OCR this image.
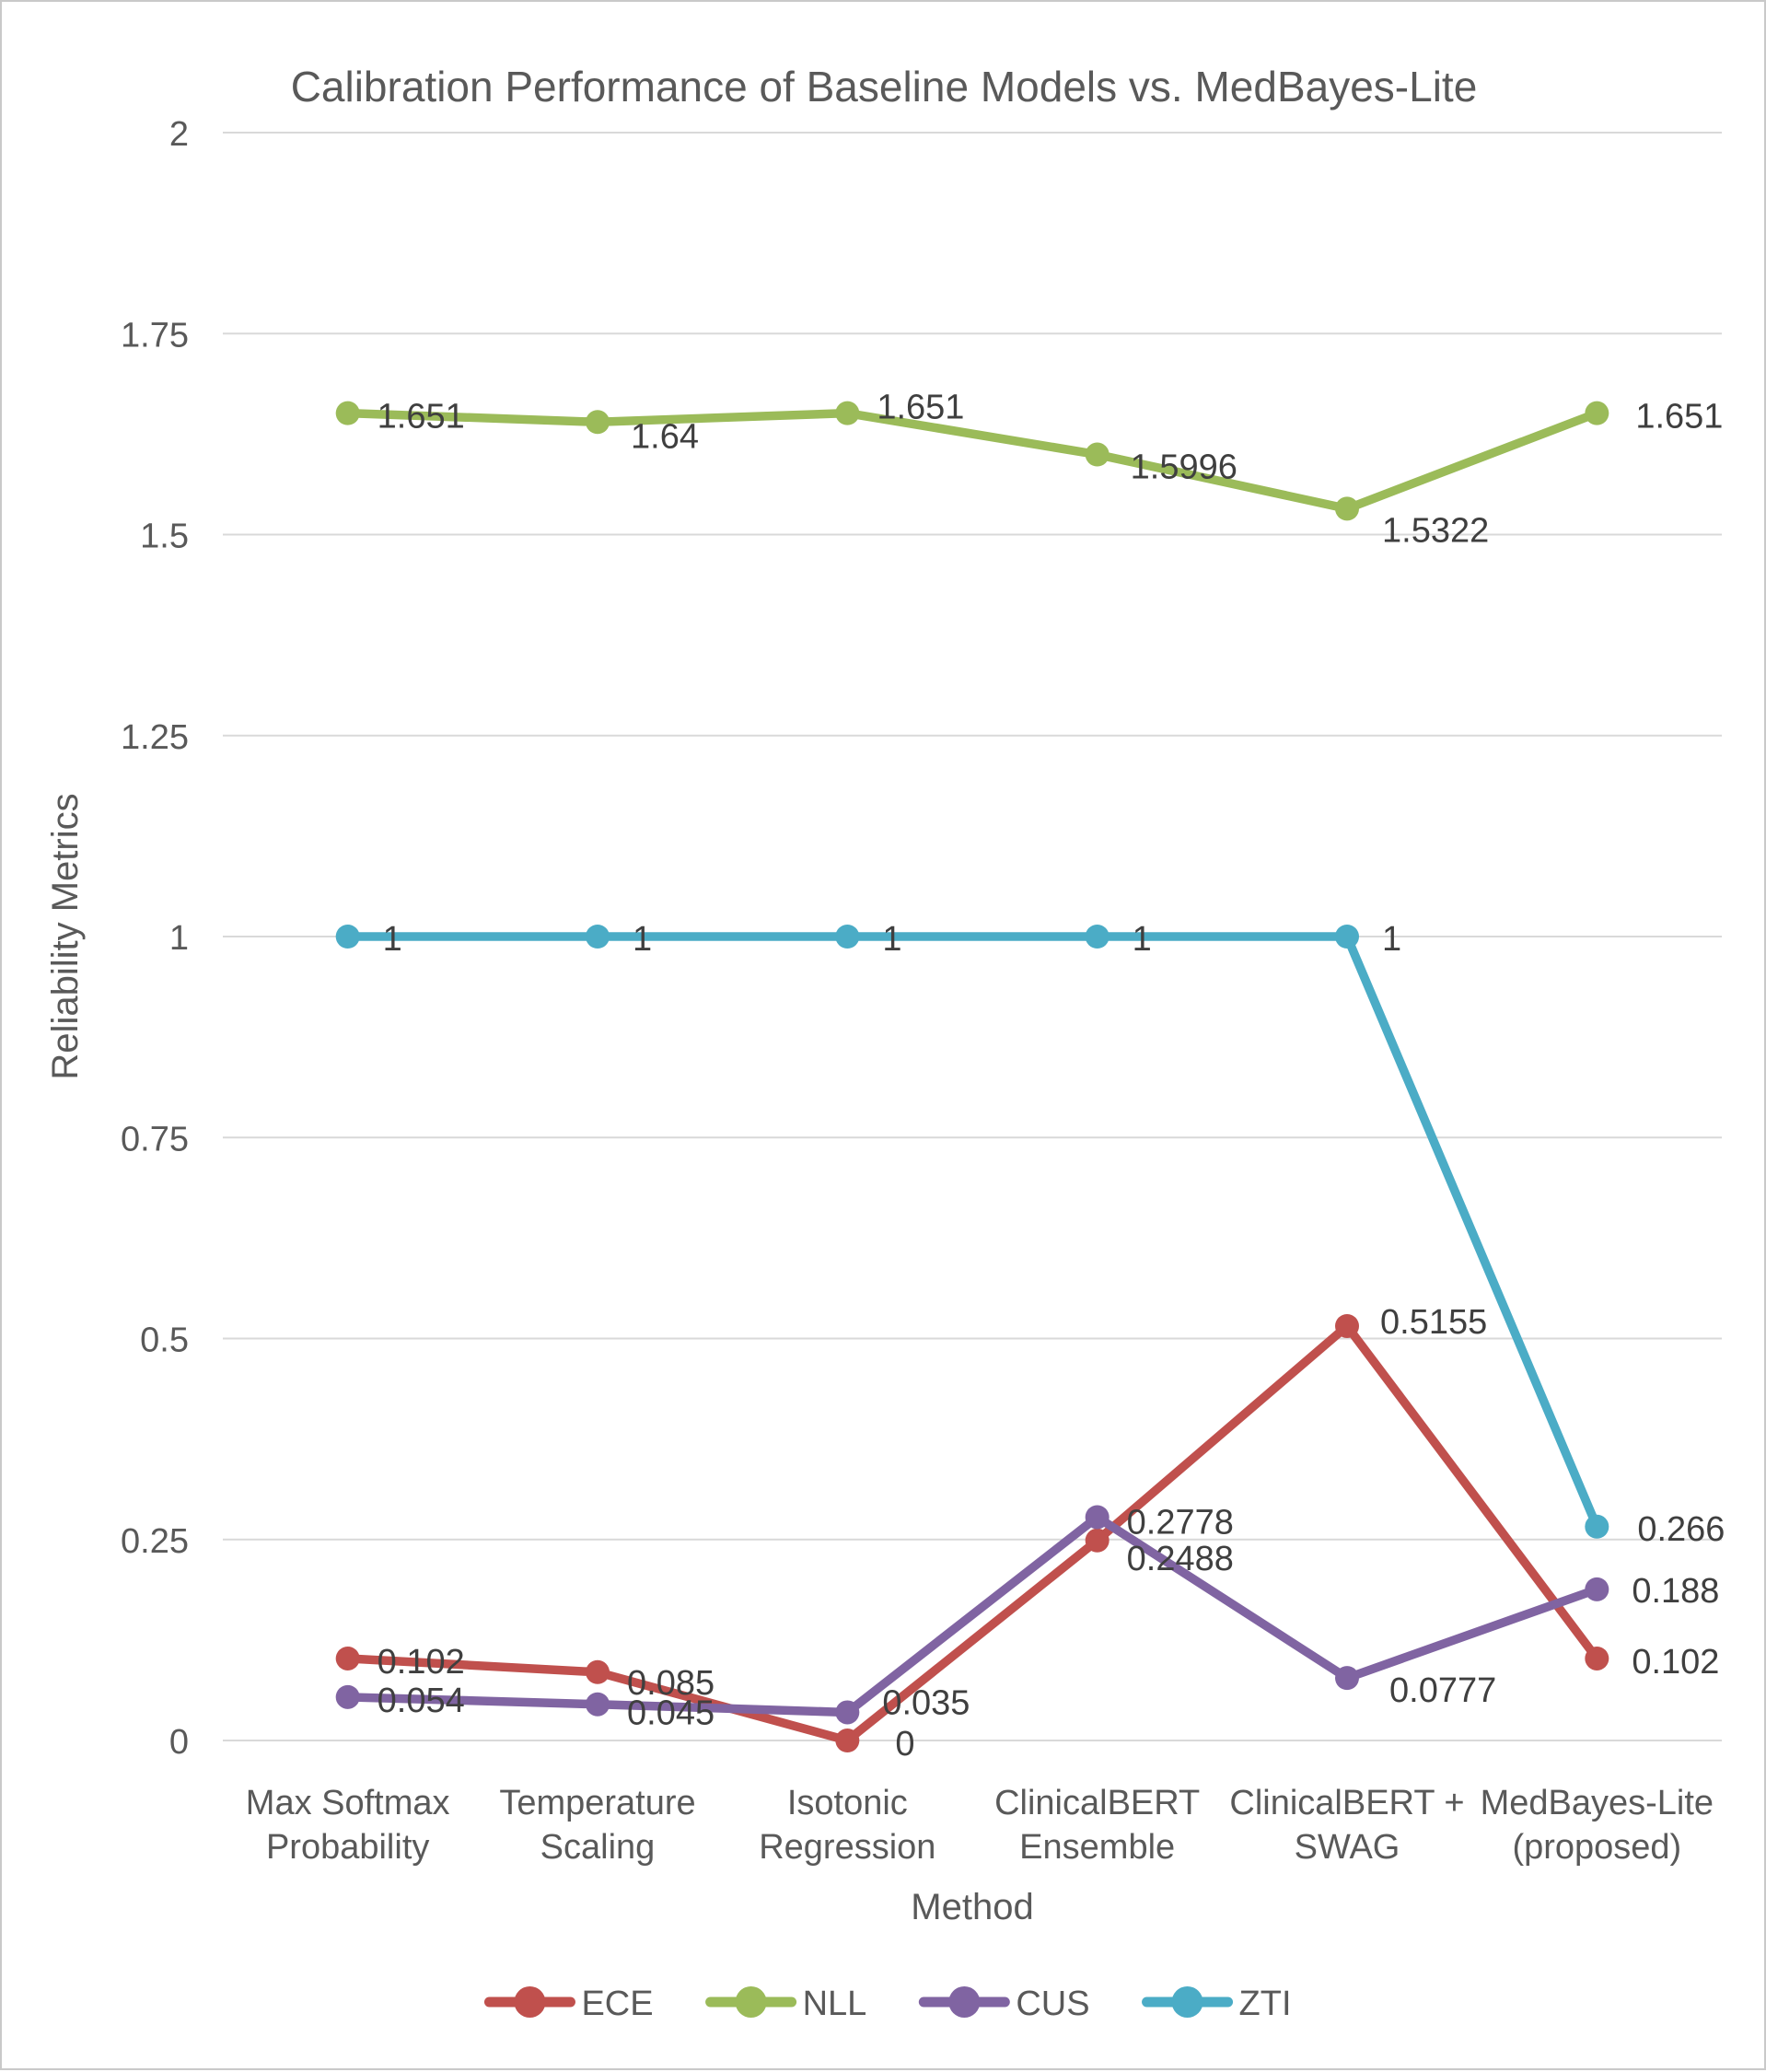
0
0.25
0.5
0.75
1
1.25
1.5
1.75
2
Calibration Performance of Baseline Models vs. MedBayes-Lite
Reliability Metrics
0.102
0.085
0
0.2488
0.5155
0.102
1.651
1.64
1.651
1.5996
1.5322
1.651
0.054	0.045	0.035
0.2778
0.0777
0.188
1	1	1	1	1
0.266
Max Softmax Probability
Temperature Scaling
Isotonic Regression
ClinicalBERT Ensemble
ClinicalBERT + SWAG
MedBayes-Lite (proposed)
Method
ECE	NLL	CUS	ZTI
